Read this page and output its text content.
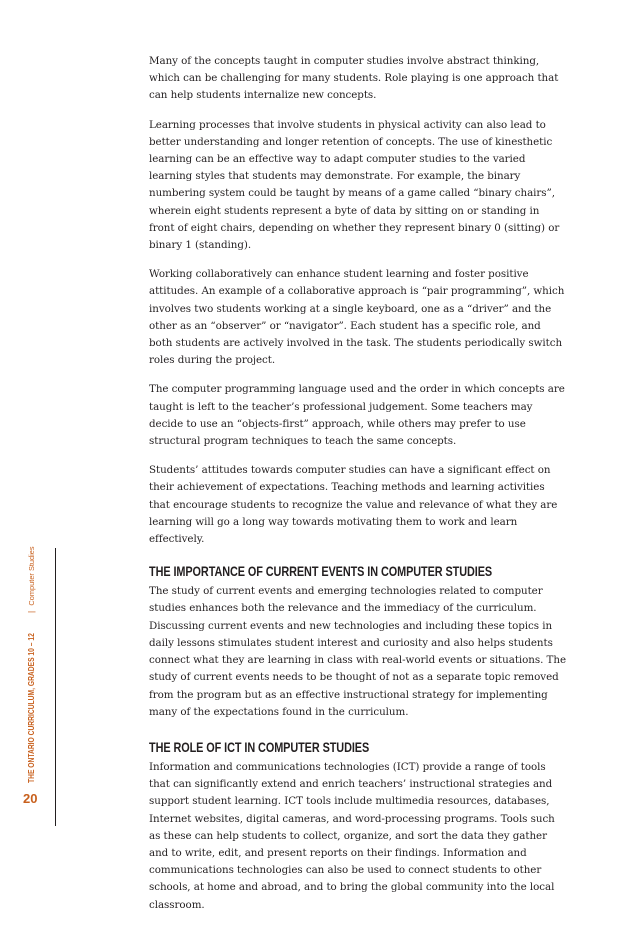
Many of the concepts taught in computer studies involve abstract thinking, which can be challenging for many students. Role playing is one approach that can help students internalize new concepts.

Learning processes that involve students in physical activity can also lead to better understanding and longer retention of concepts. The use of kinesthetic learning can be an effective way to adapt computer studies to the varied learning styles that students may demonstrate. For example, the binary numbering system could be taught by means of a game called “binary chairs”, wherein eight students represent a byte of data by sitting on or standing in front of eight chairs, depending on whether they represent binary 0 (sitting) or binary 1 (standing).

Working collaboratively can enhance student learning and foster positive attitudes. An example of a collaborative approach is “pair programming”, which involves two students working at a single keyboard, one as a “driver” and the other as an “observer” or “navigator”. Each student has a specific role, and both students are actively involved in the task. The students periodically switch roles during the project.

The computer programming language used and the order in which concepts are taught is left to the teacher’s professional judgement. Some teachers may decide to use an “objects-first” approach, while others may prefer to use structural program techniques to teach the same concepts.

Students’ attitudes towards computer studies can have a significant effect on their achievement of expectations. Teaching methods and learning activities that encourage students to recognize the value and relevance of what they are learning will go a long way towards motivating them to work and learn effectively.

THE IMPORTANCE OF CURRENT EVENTS IN COMPUTER STUDIES

The study of current events and emerging technologies related to computer studies enhances both the relevance and the immediacy of the curriculum. Discussing current events and new technologies and including these topics in daily lessons stimulates student interest and curiosity and also helps students connect what they are learning in class with real-world events or situations. The study of current events needs to be thought of not as a separate topic removed from the program but as an effective instructional strategy for implementing many of the expectations found in the curriculum.

THE ROLE OF ICT IN COMPUTER STUDIES

Information and communications technologies (ICT) provide a range of tools that can significantly extend and enrich teachers’ instructional strategies and support student learning. ICT tools include multimedia resources, databases, Internet websites, digital cameras, and word-processing programs. Tools such as these can help students to collect, organize, and sort the data they gather and to write, edit, and present reports on their findings. Information and communications technologies can also be used to connect students to other schools, at home and abroad, and to bring the global community into the local classroom.

THE ONTARIO CURRICULUM, GRADES 10 – 12 | Computer Studies
20
